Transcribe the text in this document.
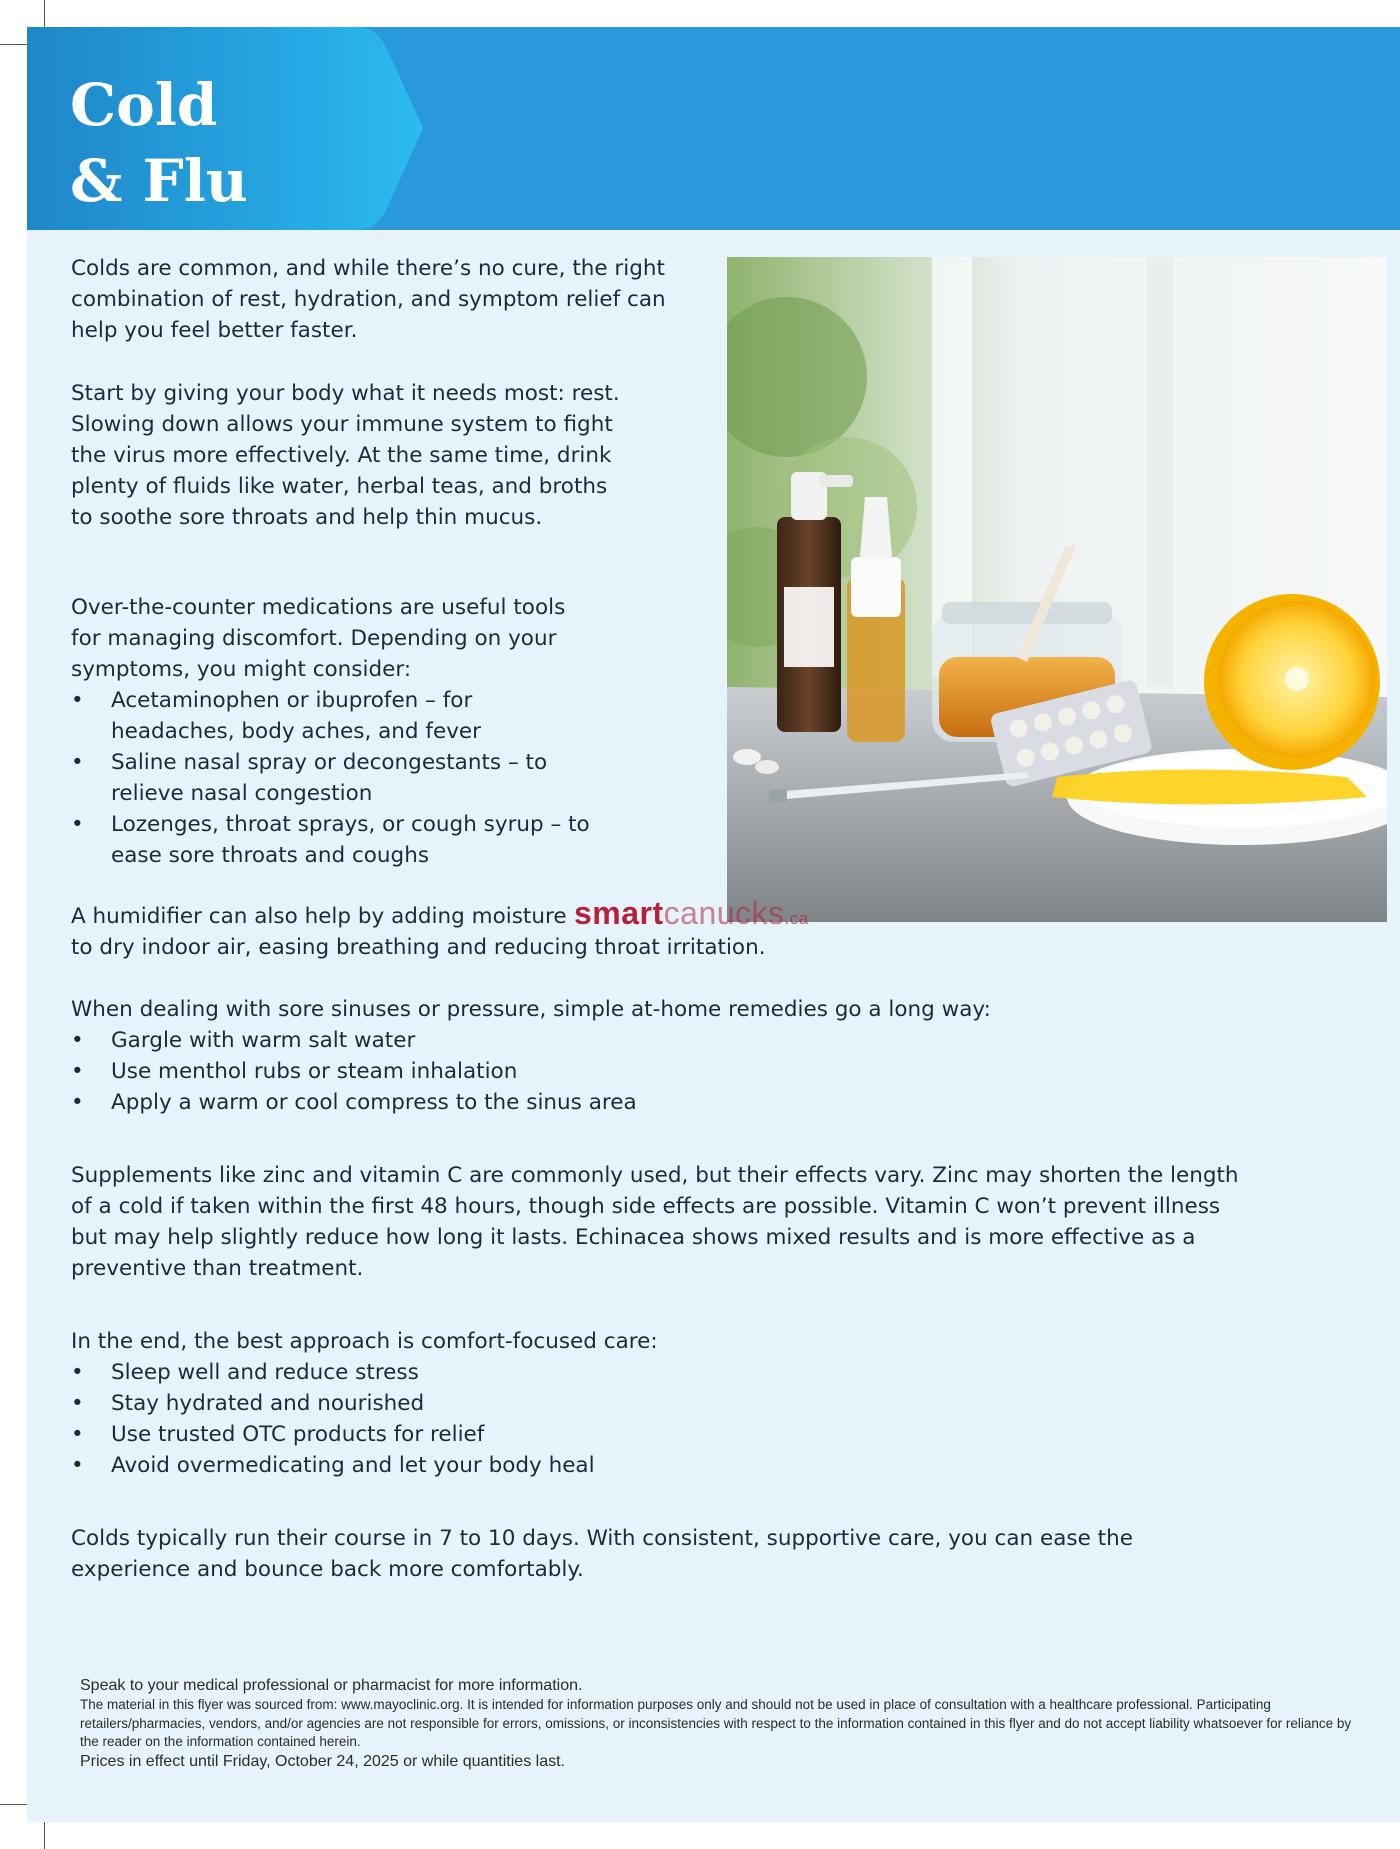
Cold
& Flu

Colds are common, and while there’s no cure, the right combination of rest, hydration, and symptom relief can help you feel better faster.

Start by giving your body what it needs most: rest. Slowing down allows your immune system to fight the virus more effectively. At the same time, drink plenty of fluids like water, herbal teas, and broths to soothe sore throats and help thin mucus.

Over-the-counter medications are useful tools for managing discomfort. Depending on your symptoms, you might consider:

• Acetaminophen or ibuprofen – for headaches, body aches, and fever
• Saline nasal spray or decongestants – to relieve nasal congestion
• Lozenges, throat sprays, or cough syrup – to ease sore throats and coughs

A humidifier can also help by adding moisture

to dry indoor air, easing breathing and reducing throat irritation.

smartcanucks.ca

When dealing with sore sinuses or pressure, simple at-home remedies go a long way:

• Gargle with warm salt water
• Use menthol rubs or steam inhalation
• Apply a warm or cool compress to the sinus area

Supplements like zinc and vitamin C are commonly used, but their effects vary. Zinc may shorten the length of a cold if taken within the first 48 hours, though side effects are possible. Vitamin C won’t prevent illness but may help slightly reduce how long it lasts. Echinacea shows mixed results and is more effective as a preventive than treatment.

In the end, the best approach is comfort-focused care:

• Sleep well and reduce stress
• Stay hydrated and nourished
• Use trusted OTC products for relief
• Avoid overmedicating and let your body heal

Colds typically run their course in 7 to 10 days. With consistent, supportive care, you can ease the experience and bounce back more comfortably.

Speak to your medical professional or pharmacist for more information.

The material in this flyer was sourced from: www.mayoclinic.org. It is intended for information purposes only and should not be used in place of consultation with a healthcare professional. Participating retailers/pharmacies, vendors, and/or agencies are not responsible for errors, omissions, or inconsistencies with respect to the information contained in this flyer and do not accept liability whatsoever for reliance by the reader on the information contained herein.

Prices in effect until Friday, October 24, 2025 or while quantities last.
